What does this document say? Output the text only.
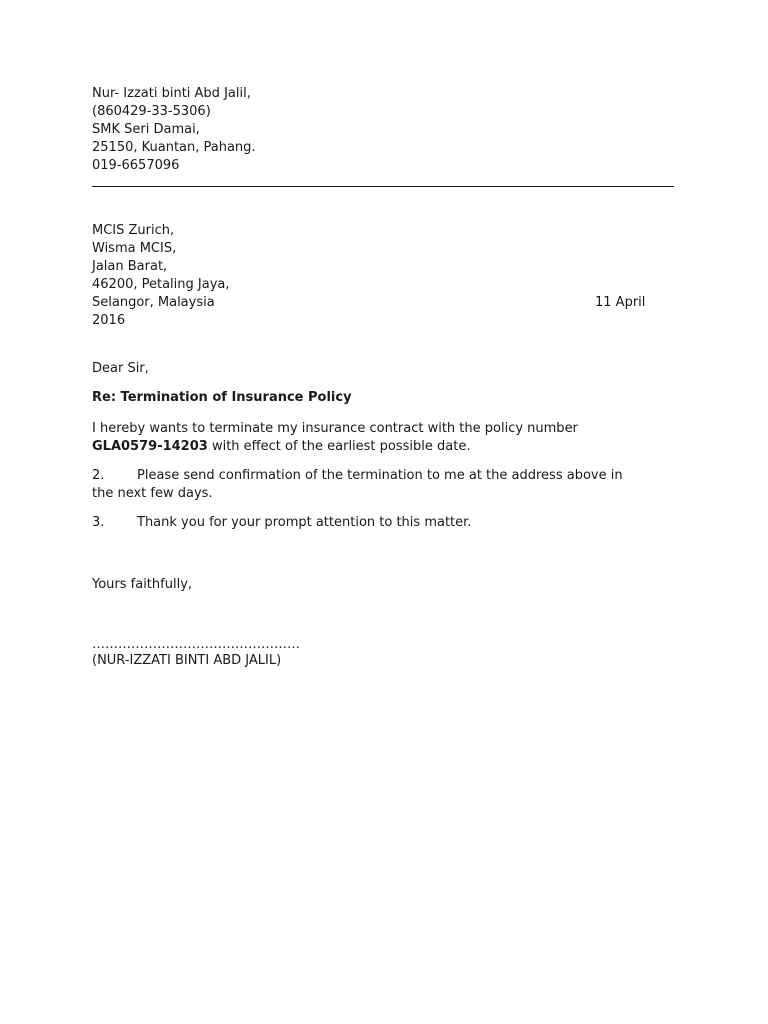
Nur- Izzati binti Abd Jalil,
(860429-33-5306)
SMK Seri Damai,
25150, Kuantan, Pahang.
019-6657096
MCIS Zurich,
Wisma MCIS,
Jalan Barat,
46200, Petaling Jaya,
Selangor, Malaysia	11 April
2016
Dear Sir,
Re: Termination of Insurance Policy
I hereby wants to terminate my insurance contract with the policy number
GLA0579-14203 with effect of the earliest possible date.
2.	Please send confirmation of the termination to me at the address above in
the next few days.
3.	Thank you for your prompt attention to this matter.
Yours faithfully,
…………………………………………
(NUR-IZZATI BINTI ABD JALIL)
